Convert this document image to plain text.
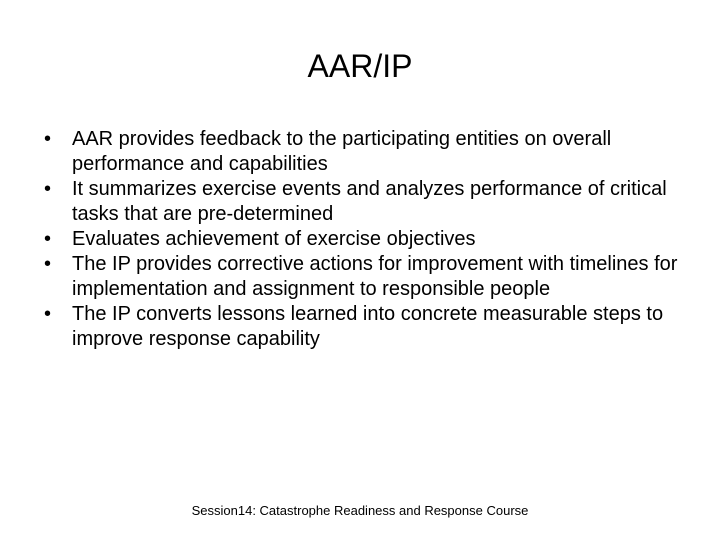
AAR/IP
•	AAR provides feedback to the participating entities on overall performance and capabilities
•	It summarizes exercise events and analyzes performance of critical tasks that are pre-determined
•	Evaluates achievement of exercise objectives
•	The IP provides corrective actions for improvement with timelines for implementation and assignment to responsible people
•	The IP converts lessons learned into concrete measurable steps to improve response capability
Session14: Catastrophe Readiness and Response Course
